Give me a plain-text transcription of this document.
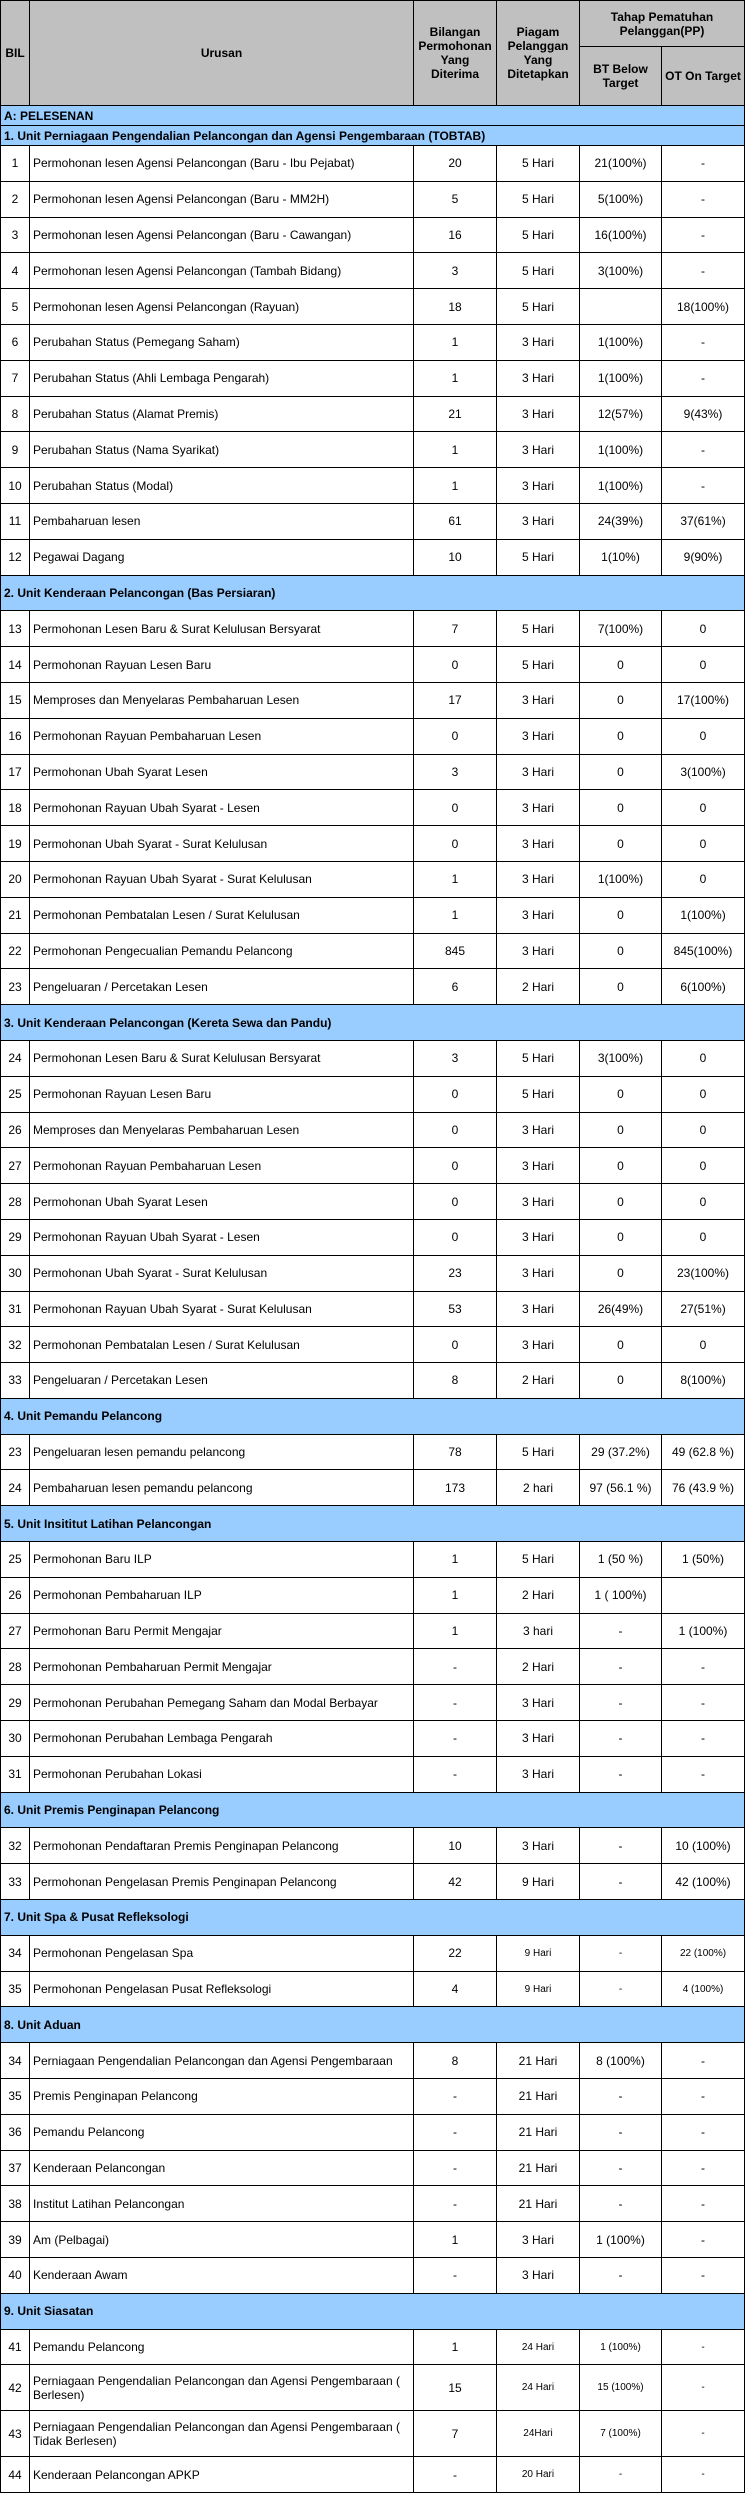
BIL	Urusan	Bilangan Permohonan Yang Diterima	Piagam Pelanggan Yang Ditetapkan	Tahap Pematuhan Pelanggan(PP)	
				BT Below Target	OT On Target
A: PELESENAN					
1. Unit Perniagaan Pengendalian Pelancongan dan Agensi Pengembaraan (TOBTAB)					
1	Permohonan lesen Agensi Pelancongan (Baru - Ibu Pejabat)	20	5 Hari	21(100%)	-
2	Permohonan lesen Agensi Pelancongan (Baru - MM2H)	5	5 Hari	5(100%)	-
3	Permohonan lesen Agensi Pelancongan (Baru - Cawangan)	16	5 Hari	16(100%)	-
4	Permohonan lesen Agensi Pelancongan (Tambah Bidang)	3	5 Hari	3(100%)	-
5	Permohonan lesen Agensi Pelancongan (Rayuan)	18	5 Hari		18(100%)
6	Perubahan Status (Pemegang Saham)	1	3 Hari	1(100%)	-
7	Perubahan Status (Ahli Lembaga Pengarah)	1	3 Hari	1(100%)	-
8	Perubahan Status (Alamat Premis)	21	3 Hari	12(57%)	9(43%)
9	Perubahan Status (Nama Syarikat)	1	3 Hari	1(100%)	-
10	Perubahan Status (Modal)	1	3 Hari	1(100%)	-
11	Pembaharuan lesen	61	3 Hari	24(39%)	37(61%)
12	Pegawai Dagang	10	5 Hari	1(10%)	9(90%)
2. Unit Kenderaan Pelancongan (Bas Persiaran)					
13	Permohonan Lesen Baru & Surat Kelulusan Bersyarat	7	5 Hari	7(100%)	0
14	Permohonan Rayuan Lesen Baru	0	5 Hari	0	0
15	Memproses dan Menyelaras Pembaharuan Lesen	17	3 Hari	0	17(100%)
16	Permohonan Rayuan Pembaharuan Lesen	0	3 Hari	0	0
17	Permohonan Ubah Syarat Lesen	3	3 Hari	0	3(100%)
18	Permohonan Rayuan Ubah Syarat - Lesen	0	3 Hari	0	0
19	Permohonan Ubah Syarat - Surat Kelulusan	0	3 Hari	0	0
20	Permohonan Rayuan Ubah Syarat - Surat Kelulusan	1	3 Hari	1(100%)	0
21	Permohonan Pembatalan Lesen / Surat Kelulusan	1	3 Hari	0	1(100%)
22	Permohonan Pengecualian Pemandu Pelancong	845	3 Hari	0	845(100%)
23	Pengeluaran / Percetakan Lesen	6	2 Hari	0	6(100%)
3. Unit Kenderaan Pelancongan (Kereta Sewa dan Pandu)					
24	Permohonan Lesen Baru & Surat Kelulusan Bersyarat	3	5 Hari	3(100%)	0
25	Permohonan Rayuan Lesen Baru	0	5 Hari	0	0
26	Memproses dan Menyelaras Pembaharuan Lesen	0	3 Hari	0	0
27	Permohonan Rayuan Pembaharuan Lesen	0	3 Hari	0	0
28	Permohonan Ubah Syarat Lesen	0	3 Hari	0	0
29	Permohonan Rayuan Ubah Syarat - Lesen	0	3 Hari	0	0
30	Permohonan Ubah Syarat - Surat Kelulusan	23	3 Hari	0	23(100%)
31	Permohonan Rayuan Ubah Syarat - Surat Kelulusan	53	3 Hari	26(49%)	27(51%)
32	Permohonan Pembatalan Lesen / Surat Kelulusan	0	3 Hari	0	0
33	Pengeluaran / Percetakan Lesen	8	2 Hari	0	8(100%)
4. Unit Pemandu Pelancong					
23	Pengeluaran lesen pemandu pelancong	78	5 Hari	29 (37.2%)	49 (62.8 %)
24	Pembaharuan lesen pemandu pelancong	173	2 hari	97 (56.1 %)	76 (43.9 %)
5. Unit Insititut Latihan Pelancongan					
25	Permohonan Baru ILP	1	5 Hari	1 (50 %)	1 (50%)
26	Permohonan Pembaharuan ILP	1	2 Hari	1 ( 100%)	
27	Permohonan Baru Permit Mengajar	1	3 hari	-	1 (100%)
28	Permohonan Pembaharuan Permit Mengajar	-	2 Hari	-	-
29	Permohonan Perubahan Pemegang Saham dan Modal Berbayar	-	3 Hari	-	-
30	Permohonan Perubahan Lembaga Pengarah	-	3 Hari	-	-
31	Permohonan Perubahan Lokasi	-	3 Hari	-	-
6. Unit Premis Penginapan Pelancong					
32	Permohonan Pendaftaran Premis Penginapan Pelancong	10	3 Hari	-	10 (100%)
33	Permohonan Pengelasan Premis Penginapan Pelancong	42	9 Hari	-	42 (100%)
7. Unit Spa & Pusat Refleksologi					
34	Permohonan Pengelasan Spa	22	9 Hari	-	22 (100%)
35	Permohonan Pengelasan Pusat Refleksologi	4	9 Hari	-	4 (100%)
8. Unit Aduan					
34	Perniagaan Pengendalian Pelancongan dan Agensi Pengembaraan	8	21 Hari	8 (100%)	-
35	Premis Penginapan Pelancong	-	21 Hari	-	-
36	Pemandu Pelancong	-	21 Hari	-	-
37	Kenderaan Pelancongan	-	21 Hari	-	-
38	Institut Latihan Pelancongan	-	21 Hari	-	-
39	Am (Pelbagai)	1	3 Hari	1 (100%)	-
40	Kenderaan Awam	-	3 Hari	-	-
9. Unit Siasatan					
41	Pemandu Pelancong	1	24 Hari	1 (100%)	-
42	Perniagaan Pengendalian Pelancongan dan Agensi Pengembaraan ( Berlesen)	15	24 Hari	15 (100%)	-
43	Perniagaan Pengendalian Pelancongan dan Agensi Pengembaraan ( Tidak Berlesen)	7	24Hari	7 (100%)	-
44	Kenderaan Pelancongan APKP	-	20 Hari	-	-
